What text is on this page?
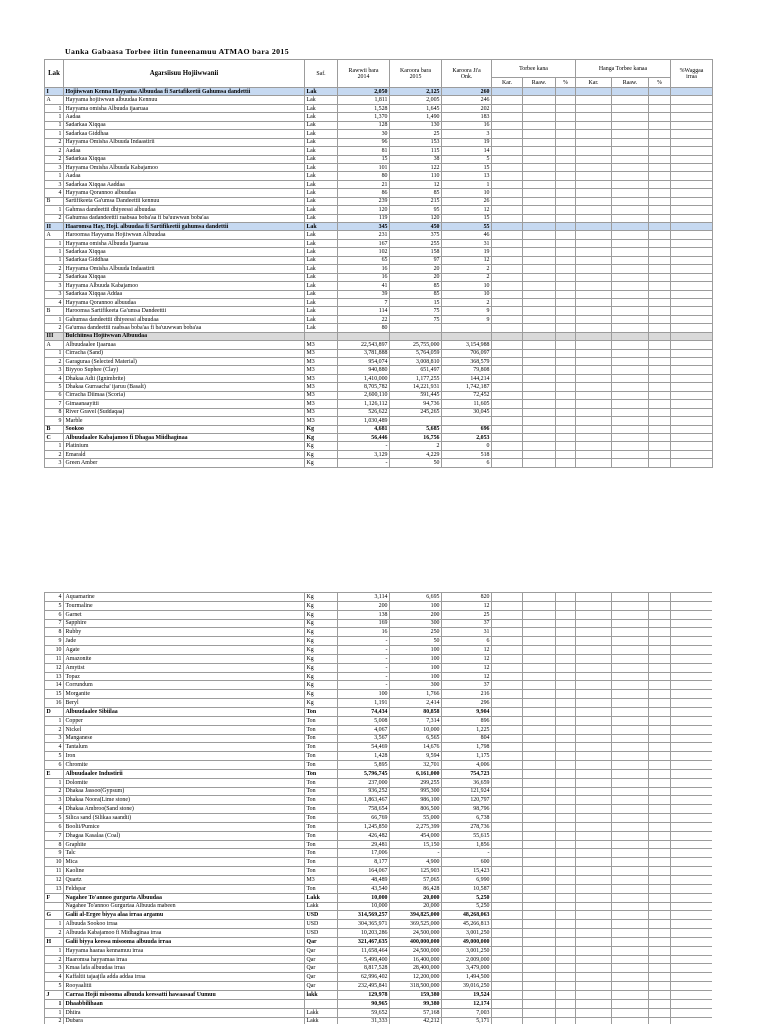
Uanka Gabaasa Torbee iitin funeenamuu ATMAO bara 2015
Lak	Agarsiisuu Hojiiwwanii	Saf.	Rawwii bara 2014	Karoora bara 2015	Karoora Ji'a Onk.	Torbee kana			Hanga Torbee kanaa			%Waggaa irraa
						Kar.	Raaw.	%	Kar.	Raaw.	%	
I	Hojiiwwan Kenna Hayyama Albuudaa fi Sartafikeetii Gahumsa dandettii	Lak	2,050	2,125	260							
A	Hayyama hojiiwwan albuudaa Kennuu	Lak	1,811	2,005	246							
1	Hayyama omisha Albuuda ijaaruaa	Lak	1,528	1,645	202							
1	Aadaa	Lak	1,370	1,490	183							
1	Sadarkaa Xiqqaa	Lak	128	130	16							
1	Sadarkaa Giddhaa	Lak	30	25	3							
2	Hayyama Omisha Albuuda Indaastirii	Lak	96	153	19							
2	Aadaa	Lak	81	115	14							
2	Sadarkaa Xiqqaa	Lak	15	38	5							
3	Hayyama Omisha Albuuda Kabajamoo	Lak	101	122	15							
1	Aadaa	Lak	80	110	13							
3	Sadarkaa Xiqqaa Aaddaa	Lak	21	12	1							
4	Hayyama Qorannoo albuudaa	Lak	86	85	10							
B	Sartifikeeta Ga'umsa Dandeettii kennuu	Lak	239	215	26							
1	Gahmsa dandeettii dhiyeessi albuudaa	Lak	120	95	12							
2	Gahumsa dadandeettii raabsaa boba'aa fi ba'uuwwan boba'aa	Lak	119	120	15							
II	Haaromsa Hay, Hoji. albuudaa fi Sartifikeetii gahumsa dandettii	Lak	345	450	55							
A	Haroomsa Hayyama Hojiiwwan Albuudaa	Lak	231	375	46							
1	Hayyama omisha Albuuda Ijaaruaa	Lak	167	255	31							
1	Sadarkaa Xiqqaa	Lak	102	158	19							
1	Sadarkaa Giddhaa	Lak	65	97	12							
2	Hayyama Omisha Albuuda Indaastirii	Lak	16	20	2							
2	Sadarkaa Xiqqaa	Lak	16	20	2							
3	Hayyama Albuuda Kabajamoo	Lak	41	85	10							
3	Sadarkaa Xiqqaa Addaa	Lak	39	85	10							
4	Hayyama Qorannoo albuudaa	Lak	7	15	2							
B	Haroomsa Sartifikeeta Ga'umsa Dandeettii	Lak	114	75	9							
1	Gahumsa dandeettii dhiyeessi albuudaa	Lak	22	75	9							
2	Ga'umsa dandeettii raabsaa boba'aa fi ba'uuwwan boba'aa	Lak	80									
III	Bulchiinsa Hojiiwwan Albuudaa											
A	Albuudaalee Ijaaruaa	M3	22,543,897	25,755,000	3,154,988							
1	Cirracha (Sand)	M3	3,781,888	5,764,059	706,097							
2	Garaguraa (Selected Material)	M3	954,074	3,008,810	368,579							
3	Biyyoo Suphee (Clay)	M3	940,880	651,497	79,808							
4	Dhakaa Adii (Ignimbrite)	M3	1,410,000	1,177,255	144,214							
5	Dhakaa Gurraacha' ijaruu (Basalt)	M3	8,705,782	14,221,931	1,742,187							
6	Cirracha Diimaa (Scoria)	M3	2,600,110	591,445	72,452							
7	Gimaanaayitii	M3	1,126,112	94,736	11,605							
8	River Gravel (Suddaqaa)	M3	526,622	245,265	30,045							
9	Marble	M3	1,030,489									
B	Sookoo	Kg	4,681	5,685	696							
C	Albuudaalee Kabajamoo fi Dhagaa Miidhaginaa	Kg	56,446	16,756	2,053							
1	Platinium	Kg	-	2	0							
2	Emarald	Kg	3,129	4,229	518							
3	Green Amber	Kg	-	50	6							
4	Aquamarine	Kg	3,114	6,695	820							
5	Tourmaline	Kg	200	100	12							
6	Garnet	Kg	138	200	25							
7	Sapphire	Kg	169	300	37							
8	Rubby	Kg	16	250	31							
9	Jade	Kg	-	50	6							
10	Agate	Kg	-	100	12							
11	Amazonite	Kg	-	100	12							
12	Amytist	Kg	-	100	12							
13	Topaz	Kg	-	100	12							
14	Corrundum	Kg	-	300	37							
15	Morganite	Kg	100	1,766	216							
16	Beryl	Kg	1,191	2,414	296							
D	Albuudaalee Sibiilaa	Ton	74,434	80,858	9,904							
1	Copper	Ton	5,008	7,314	896							
2	Nickel	Ton	4,067	10,000	1,225							
3	Manganese	Ton	3,567	6,565	804							
4	Tantalum	Ton	54,469	14,676	1,798							
5	Iron	Ton	1,428	9,594	1,175							
6	Chromite	Ton	5,895	32,701	4,006							
E	Albuudaalee Industirii	Ton	5,796,745	6,161,000	754,723							
1	Dolomite	Ton	237,000	299,255	36,659							
2	Dhakaa Jassoo(Gypsum)	Ton	936,252	995,300	121,924							
3	Dhakaa Noora(Lime stone)	Ton	1,863,467	986,100	120,797							
4	Dhakaa Ambroo(Sand stone)	Ton	758,654	806,500	98,796							
5	Silica sand (Silikaa saandii)	Ton	66,769	55,000	6,738							
6	Boolii/Pumice	Ton	1,245,850	2,275,399	278,736							
7	Dhagaa Kasalaa (Coal)	Ton	426,482	454,000	55,615							
8	Graphite	Ton	29,481	15,150	1,856							
9	Talc	Ton	17,006	-	-							
10	Mica	Ton	8,177	4,900	600							
11	Kaoline	Ton	164,067	125,903	15,423							
12	Quartz	M3	48,489	57,065	6,990							
13	Feldspar	Ton	43,540	86,428	10,587							
F	Nagahee To'annoo gurgurta Albuudaa	Lakk	10,000	20,000	5,250							
	Nagahee To'annoo Gurgurtaa Albuuda mabeen	Lakk	10,000	20,000	5,250							
G	Galii al-Ergee biyya alaa irraa argamu	USD	314,569,257	394,825,000	48,268,063							
1	Albuuda Sookoo irraa	USD	304,365,971	369,525,000	45,266,813							
2	Albuuda Kabajamoo fi Midhaginaa irraa	USD	10,203,286	24,500,000	3,001,250							
H	Galii biyya keessa misooma albuuda irraa	Qar	321,467,635	400,000,000	49,000,000							
1	Hayyama haaraa kennamuu irraa	Qar	11,658,464	24,500,000	3,001,250							
2	Haaromsa hayyamaa irraa	Qar	5,499,400	16,400,000	2,009,000							
3	Kmaa lafa albuudaa irraa	Qar	8,817,528	28,400,000	3,479,000							
4	Kaffaltii tajaajila adda addaa irraa	Qar	62,996,402	12,200,000	1,494,500							
5	Rooyaalitii	Qar	232,495,841	318,500,000	39,016,250							
J	Carraa Hojii misooma albuuda keessatti hawaasaaf Uumuu	lakk	129,978	159,380	19,524							
1	Dhaabbilihaan		90,965	99,380	12,174							
1	Dhiira	Lakk	59,652	57,168	7,003							
2	Dubara	Lakk	31,333	42,212	5,171							
